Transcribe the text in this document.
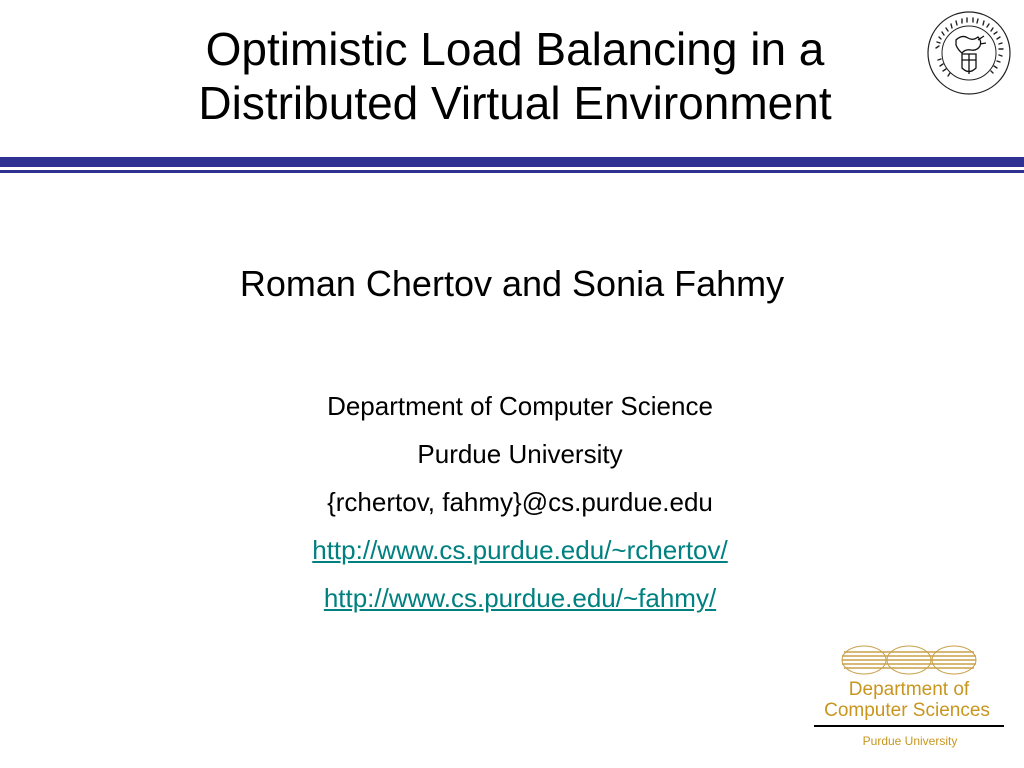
Optimistic Load Balancing in a
Distributed Virtual Environment
Roman Chertov and Sonia Fahmy
Department of Computer Science
Purdue University
{rchertov, fahmy}@cs.purdue.edu
http://www.cs.purdue.edu/~rchertov/
http://www.cs.purdue.edu/~fahmy/
Department of
Computer Sciences
Purdue University
